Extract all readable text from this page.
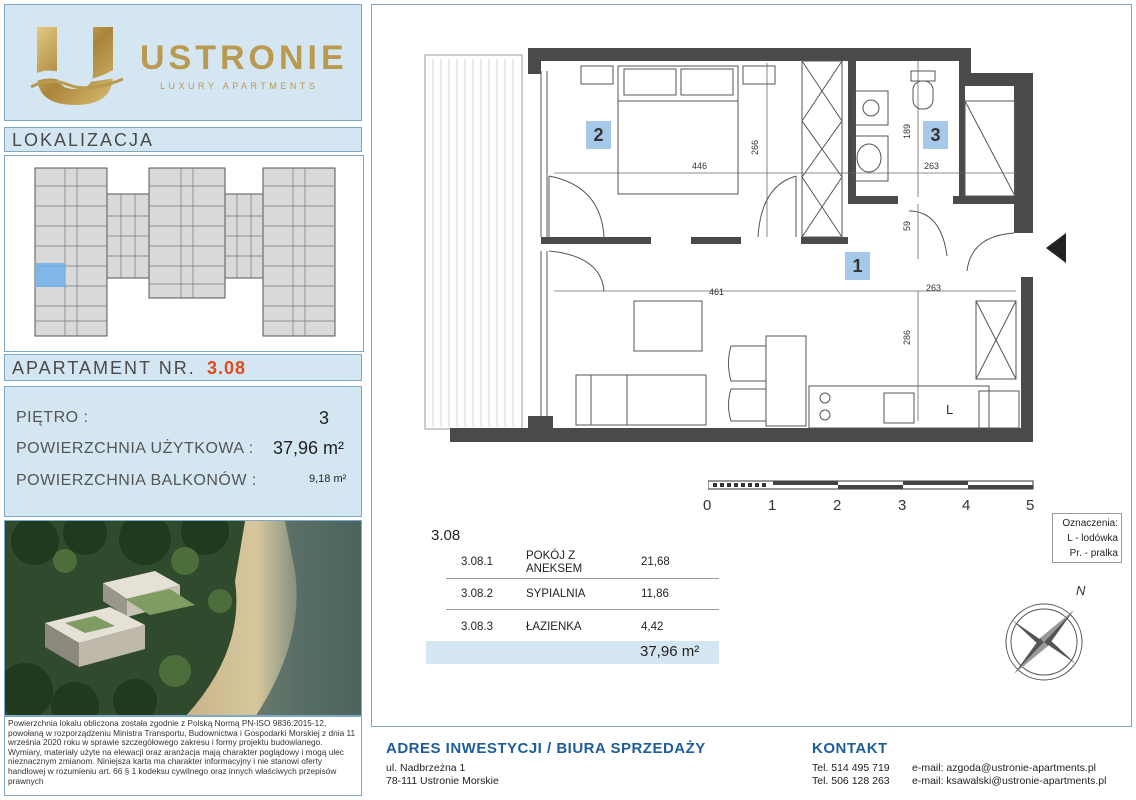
USTRONIE
LUXURY APARTMENTS
LOKALIZACJA
APARTAMENT NR. 3.08
PIĘTRO :	3
POWIERZCHNIA UŻYTKOWA : 37,96 m²
POWIERZCHNIA BALKONÓW :	9,18 m²
Powierzchnia lokalu obliczona została zgodnie z Polską Normą PN-ISO 9836:2015-12, powołaną w rozporządzeniu Ministra Transportu, Budownictwa i Gospodarki Morskiej z dnia 11 września 2020 roku w sprawie szczegółowego zakresu i formy projektu budowlanego. Wymiary, materiały użyte na elewacji oraz aranżacja mają charakter poglądowy i mogą ulec nieznacznym zmianom. Niniejsza karta ma charakter informacyjny i nie stanowi oferty handlowej w rozumieniu art. 66 § 1 kodeksu cywilnego oraz innych właściwych przepisów prawnych
446	263
461	263
266
189
59
286
2	3
1
L
0	1	2	3	4	5
N
Oznaczenia:
L - lodówka
Pr. - pralka
3.08
3.08.1	POKÓJ Z ANEKSEM
21,68
3.08.2	SYPIALNIA	11,86
3.08.3	ŁAZIENKA	4,42
37,96 m²
ADRES INWESTYCJI / BIURA SPRZEDAŻY
ul. Nadbrzeżna 1
78-111 Ustronie Morskie
KONTAKT
Tel. 514 495 719
Tel. 506 128 263
e-mail: azgoda@ustronie-apartments.pl
e-mail: ksawalski@ustronie-apartments.pl
